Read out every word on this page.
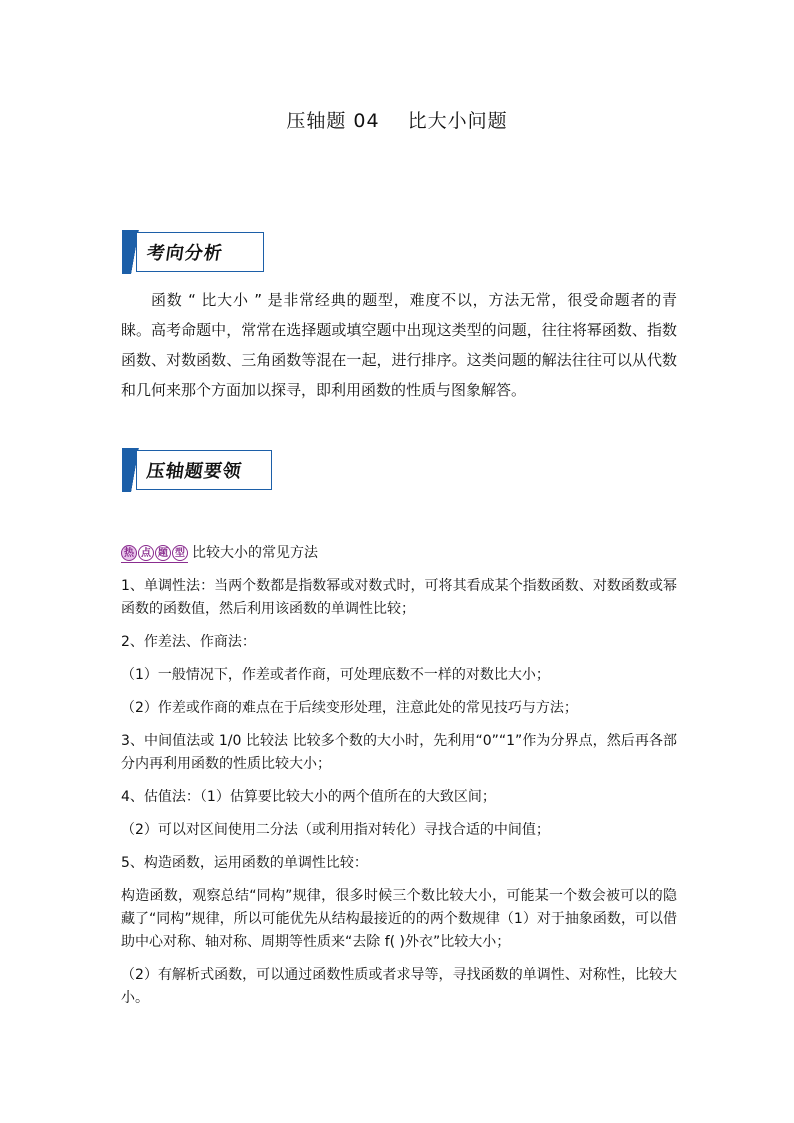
压轴题 04 比大小问题
考向分析
函数 “ 比大小 ” 是非常经典的题型，难度不以，方法无常，很受命题者的青睐。高考命题中，常常在选择题或填空题中出现这类型的问题，往往将幂函数、指数函数、对数函数、三角函数等混在一起，进行排序。这类问题的解法往往可以从代数和几何来那个方面加以探寻，即利用函数的性质与图象解答。
压轴题要领
热 点 题 型 比较大小的常见方法

1、单调性法：当两个数都是指数幂或对数式时，可将其看成某个指数函数、对数函数或幂函数的函数值，然后利用该函数的单调性比较；

2、作差法、作商法：

（1）一般情况下，作差或者作商，可处理底数不一样的对数比大小；

（2）作差或作商的难点在于后续变形处理，注意此处的常见技巧与方法；

3、中间值法或 1/0 比较法 比较多个数的大小时，先利用“0”“1”作为分界点，然后再各部分内再利用函数的性质比较大小；

4、估值法：（1）估算要比较大小的两个值所在的大致区间；

（2）可以对区间使用二分法（或利用指对转化）寻找合适的中间值；

5、构造函数，运用函数的单调性比较：

构造函数，观察总结“同构”规律，很多时候三个数比较大小，可能某一个数会被可以的隐藏了“同构”规律，所以可能优先从结构最接近的的两个数规律（1）对于抽象函数，可以借助中心对称、轴对称、周期等性质来“去除 f( )外衣”比较大小；

（2）有解析式函数，可以通过函数性质或者求导等，寻找函数的单调性、对称性，比较大小。
